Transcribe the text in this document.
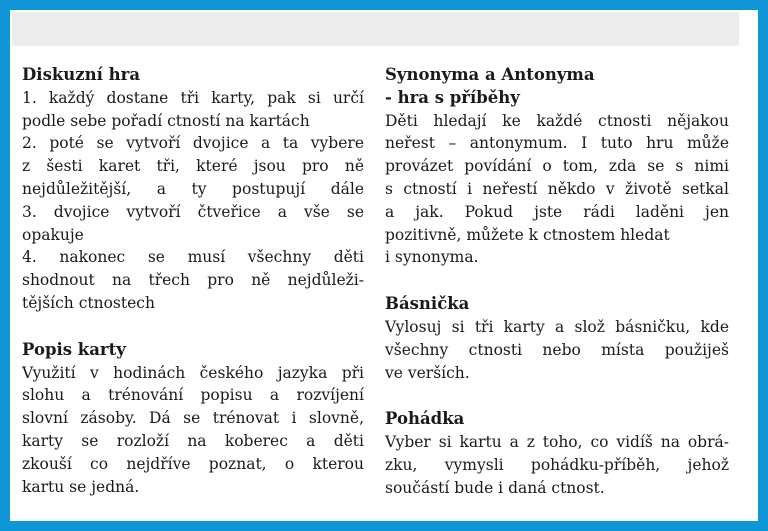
Diskuzní hra
1. každý dostane tři karty, pak si určí
podle sebe pořadí ctností na kartách
2. poté se vytvoří dvojice a ta vybere
z šesti karet tři, které jsou pro ně
nejdůležitější, a ty postupují dále
3. dvojice vytvoří čtveřice a vše se
opakuje
4. nakonec se musí všechny děti
shodnout na třech pro ně nejdůleži-
tějších ctnostech
Popis karty
Využití v hodinách českého jazyka při
slohu a trénování popisu a rozvíjení
slovní zásoby. Dá se trénovat i slovně,
karty se rozloží na koberec a děti
zkouší co nejdříve poznat, o kterou
kartu se jedná.
Synonyma a Antonyma
- hra s příběhy
Děti hledají ke každé ctnosti nějakou
neřest – antonymum. I tuto hru může
provázet povídání o tom, zda se s nimi
s ctností i neřestí někdo v životě setkal
a jak. Pokud jste rádi laděni jen
pozitivně, můžete k ctnostem hledat
i synonyma.
Básnička
Vylosuj si tři karty a slož básničku, kde
všechny ctnosti nebo místa použiješ
ve verších.
Pohádka
Vyber si kartu a z toho, co vidíš na obrá-
zku, vymysli pohádku-příběh, jehož
součástí bude i daná ctnost.
